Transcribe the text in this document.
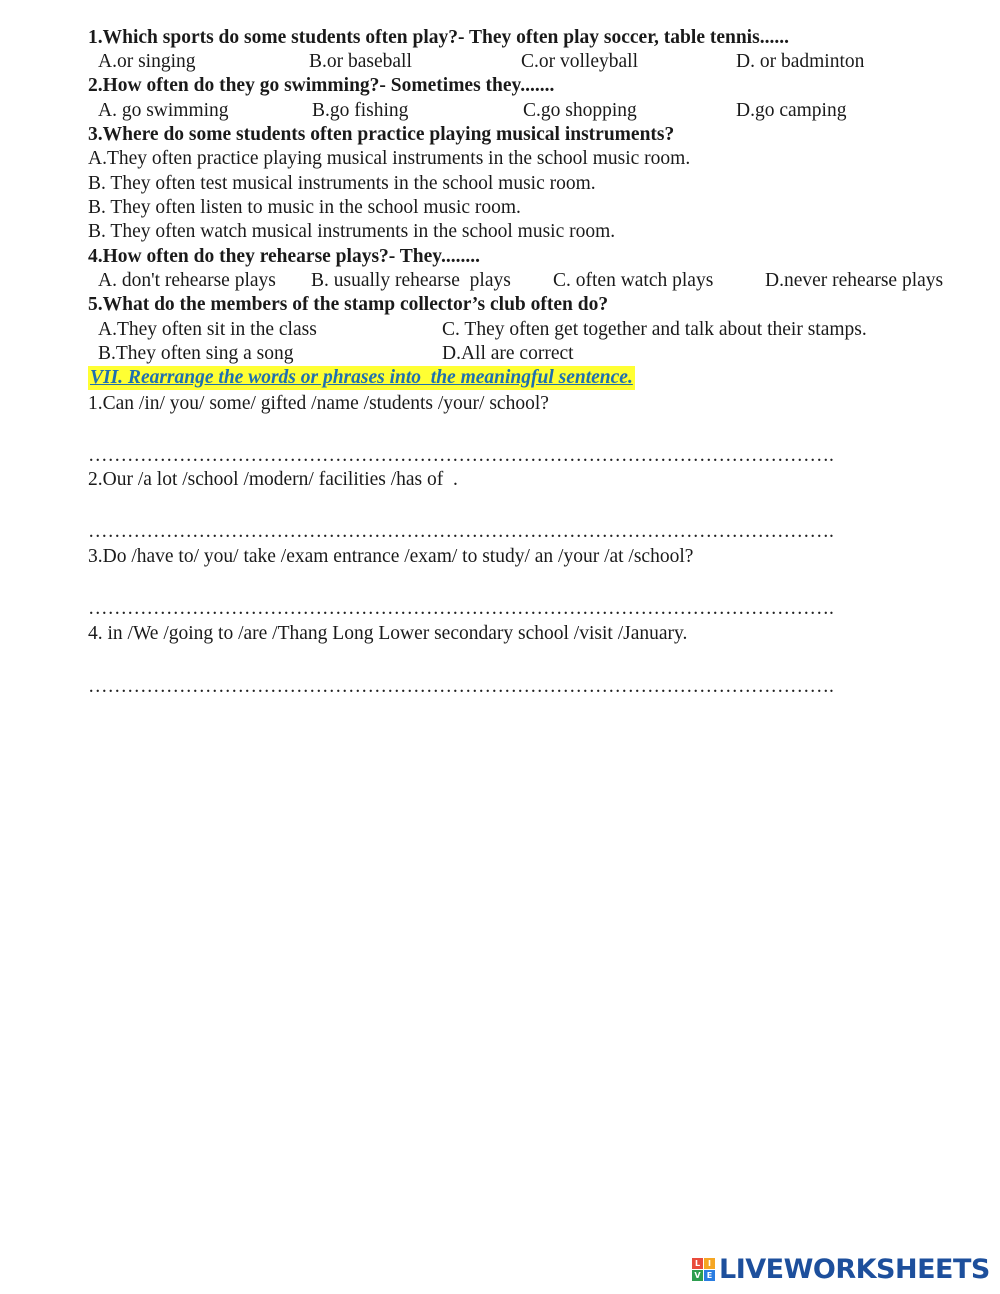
1.Which sports do some students often play?- They often play soccer, table tennis......
A.or singing	B.or baseball	C.or volleyball	D. or badminton
2.How often do they go swimming?- Sometimes they.......
A. go swimming	B.go fishing	C.go shopping	D.go camping
3.Where do some students often practice playing musical instruments?
A.They often practice playing musical instruments in the school music room.
B. They often test musical instruments in the school music room.
B. They often listen to music in the school music room.
B. They often watch musical instruments in the school music room.
4.How often do they rehearse plays?- They........
A. don't rehearse plays B. usually rehearse  plays C. often watch plays	D.never rehearse plays
5.What do the members of the stamp collector’s club often do?
A.They often sit in the class	C. They often get together and talk about their stamps.
B.They often sing a song	D.All are correct
VII. Rearrange the words or phrases into  the meaningful sentence.
1.Can /in/ you/ some/ gifted /name /students /your/ school?
…………………………………………………………………………………………………….
2.Our /a lot /school /modern/ facilities /has of  .
…………………………………………………………………………………………………….
3.Do /have to/ you/ take /exam entrance /exam/ to study/ an /your /at /school?
…………………………………………………………………………………………………….
4. in /We /going to /are /Thang Long Lower secondary school /visit /January.
…………………………………………………………………………………………………….
L I
V E LIVEWORKSHEETS
